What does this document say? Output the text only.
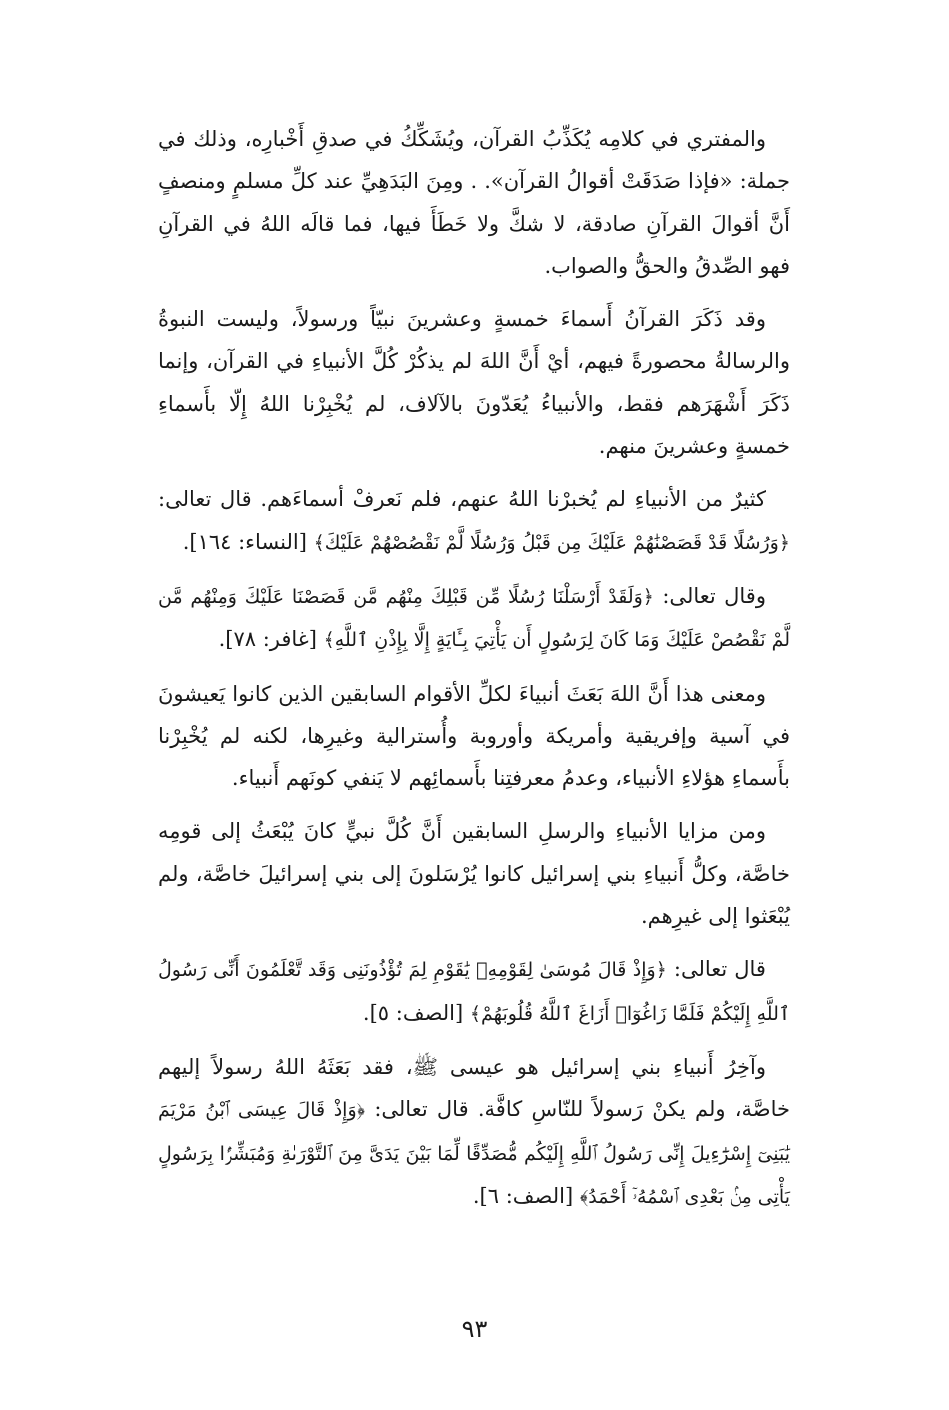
والمفتري في كلامِه يُكَذِّبُ القرآن، ويُشَكِّكُ في صدقِ أَخْبارِه، وذلك في جملة: «فإذا صَدَقَتْ أقوالُ القرآن». . ومِنَ البَدَهِيِّ عند كلِّ مسلمٍ ومنصفٍ أَنَّ أقوالَ القرآنِ صادقة، لا شكَّ ولا خَطَأَ فيها، فما قالَه اللهُ في القرآنِ فهو الصِّدقُ والحقُّ والصواب.

وقد ذَكَرَ القرآنُ أَسماءَ خمسةٍ وعشرينَ نبيّاً ورسولاً، وليست النبوةُ والرسالةُ محصورةً فيهم، أيْ أَنَّ اللهَ لم يذكُرْ كُلَّ الأنبياءِ في القرآن، وإنما ذَكَرَ أَشْهَرَهم فقط، والأنبياءُ يُعَدّونَ بالآلاف، لم يُخْبِرْنا اللهُ إِلّا بأَسماءِ خمسةٍ وعشرينَ منهم.

كثيرٌ من الأنبياءِ لم يُخبرْنا اللهُ عنهم، فلم نَعرفْ أسماءَهم. قال تعالى: ﴿وَرُسُلًا قَدْ قَصَصْنَٰهُمْ عَلَيْكَ مِن قَبْلُ وَرُسُلًا لَّمْ نَقْصُصْهُمْ عَلَيْكَ﴾ [النساء: ١٦٤].

وقال تعالى: ﴿وَلَقَدْ أَرْسَلْنَا رُسُلًا مِّن قَبْلِكَ مِنْهُم مَّن قَصَصْنَا عَلَيْكَ وَمِنْهُم مَّن لَّمْ نَقْصُصْ عَلَيْكَ وَمَا كَانَ لِرَسُولٍ أَن يَأْتِيَ بِـَٔايَةٍ إِلَّا بِإِذْنِ ٱللَّهِ﴾ [غافر: ٧٨].

ومعنى هذا أَنَّ اللهَ بَعَثَ أنبياءَ لكلِّ الأقوام السابقين الذين كانوا يَعيشونَ في آسية وإفريقية وأمريكة وأوروبة وأُسترالية وغيرِها، لكنه لم يُخْبِرْنا بأَسماءِ هؤلاءِ الأنبياء، وعدمُ معرفتِنا بأَسمائِهم لا يَنفي كونَهم أَنبياء.

ومن مزايا الأنبياءِ والرسلِ السابقين أَنَّ كُلَّ نبيٍّ كانَ يُبْعَثُ إلى قومِه خاصَّة، وكلُّ أَنبياءِ بني إسرائيل كانوا يُرْسَلونَ إلى بني إسرائيلَ خاصَّة، ولم يُبْعَثوا إلى غيرِهم.

قال تعالى: ﴿وَإِذْ قَالَ مُوسَىٰ لِقَوْمِهِۦ يَٰقَوْمِ لِمَ تُؤْذُونَنِى وَقَد تَّعْلَمُونَ أَنِّى رَسُولُ ٱللَّهِ إِلَيْكُمْ فَلَمَّا زَاغُوٓا۟ أَزَاغَ ٱللَّهُ قُلُوبَهُمْ﴾ [الصف: ٥].

وآخِرُ أَنبياءِ بني إسرائيل هو عيسى ﷺ، فقد بَعَثَهُ اللهُ رسولاً إليهم خاصَّة، ولم يكنْ رَسولاً للنّاسِ كافَّة. قال تعالى: ﴿وَإِذْ قَالَ عِيسَى ٱبْنُ مَرْيَمَ يَٰبَنِىٓ إِسْرَٰٓءِيلَ إِنِّى رَسُولُ ٱللَّهِ إِلَيْكُم مُّصَدِّقًا لِّمَا بَيْنَ يَدَىَّ مِنَ ٱلتَّوْرَىٰةِ وَمُبَشِّرًۢا بِرَسُولٍ يَأْتِى مِنۢ بَعْدِى ٱسْمُهُۥٓ أَحْمَدُ﴾ [الصف: ٦].

٩٣
